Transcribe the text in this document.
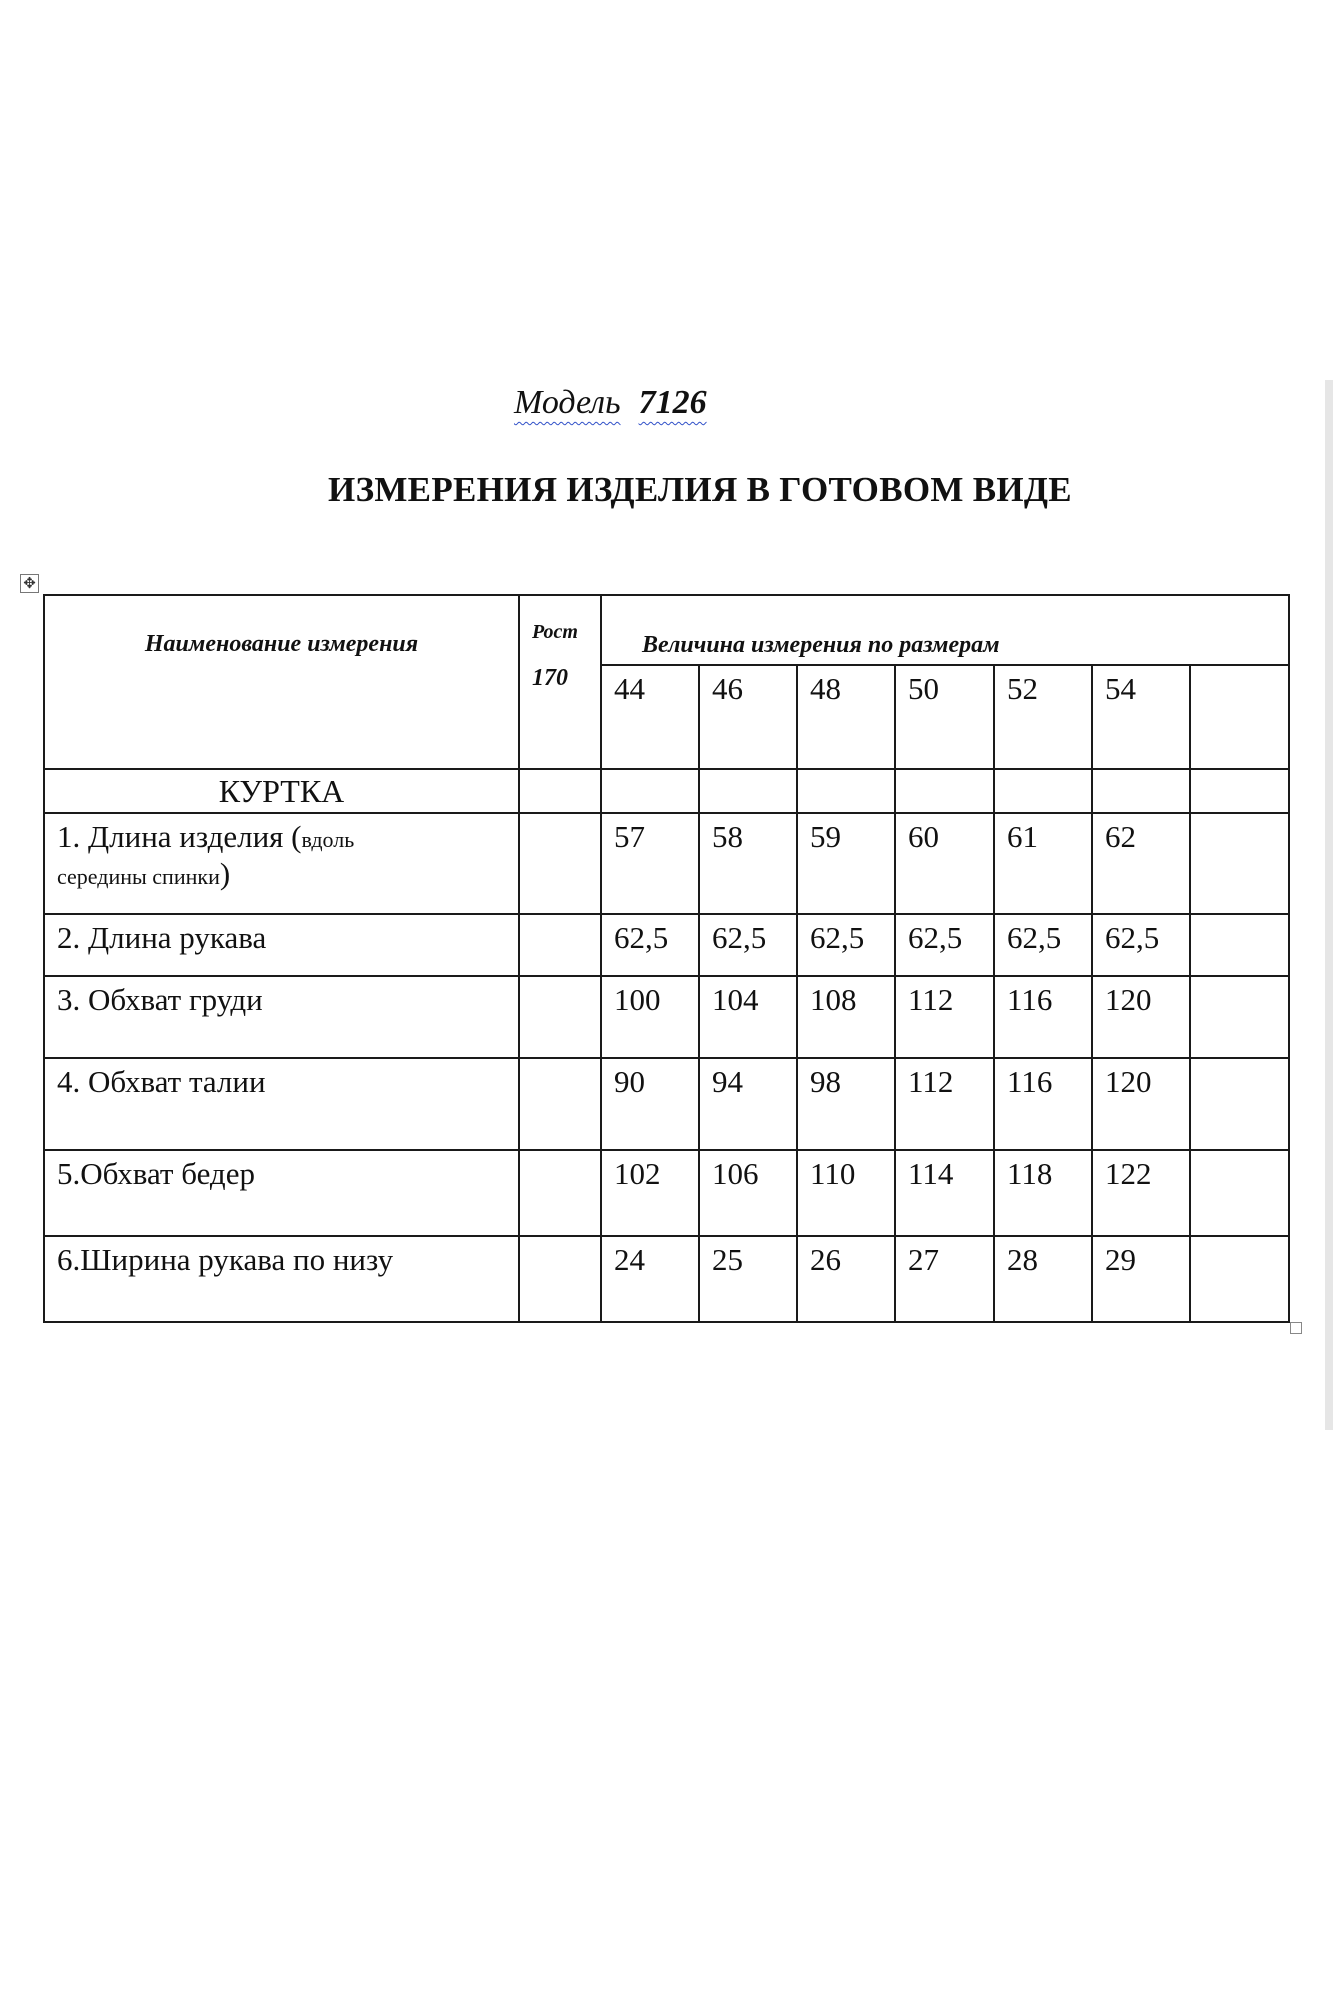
Модель 7126
ИЗМЕРЕНИЯ ИЗДЕЛИЯ В ГОТОВОМ ВИДЕ
✥
Наименование измерения	Рост
170	Величина измерения по размерам						
		44	46	48	50	52	54	
КУРТКА								
1. Длина изделия (вдоль
середины спинки)		57	58	59	60	61	62	
2. Длина рукава		62,5	62,5	62,5	62,5	62,5	62,5	
3. Обхват груди		100	104	108	112	116	120	
4. Обхват талии		90	94	98	112	116	120	
5.Обхват бедер		102	106	110	114	118	122	
6.Ширина рукава по низу		24	25	26	27	28	29	
